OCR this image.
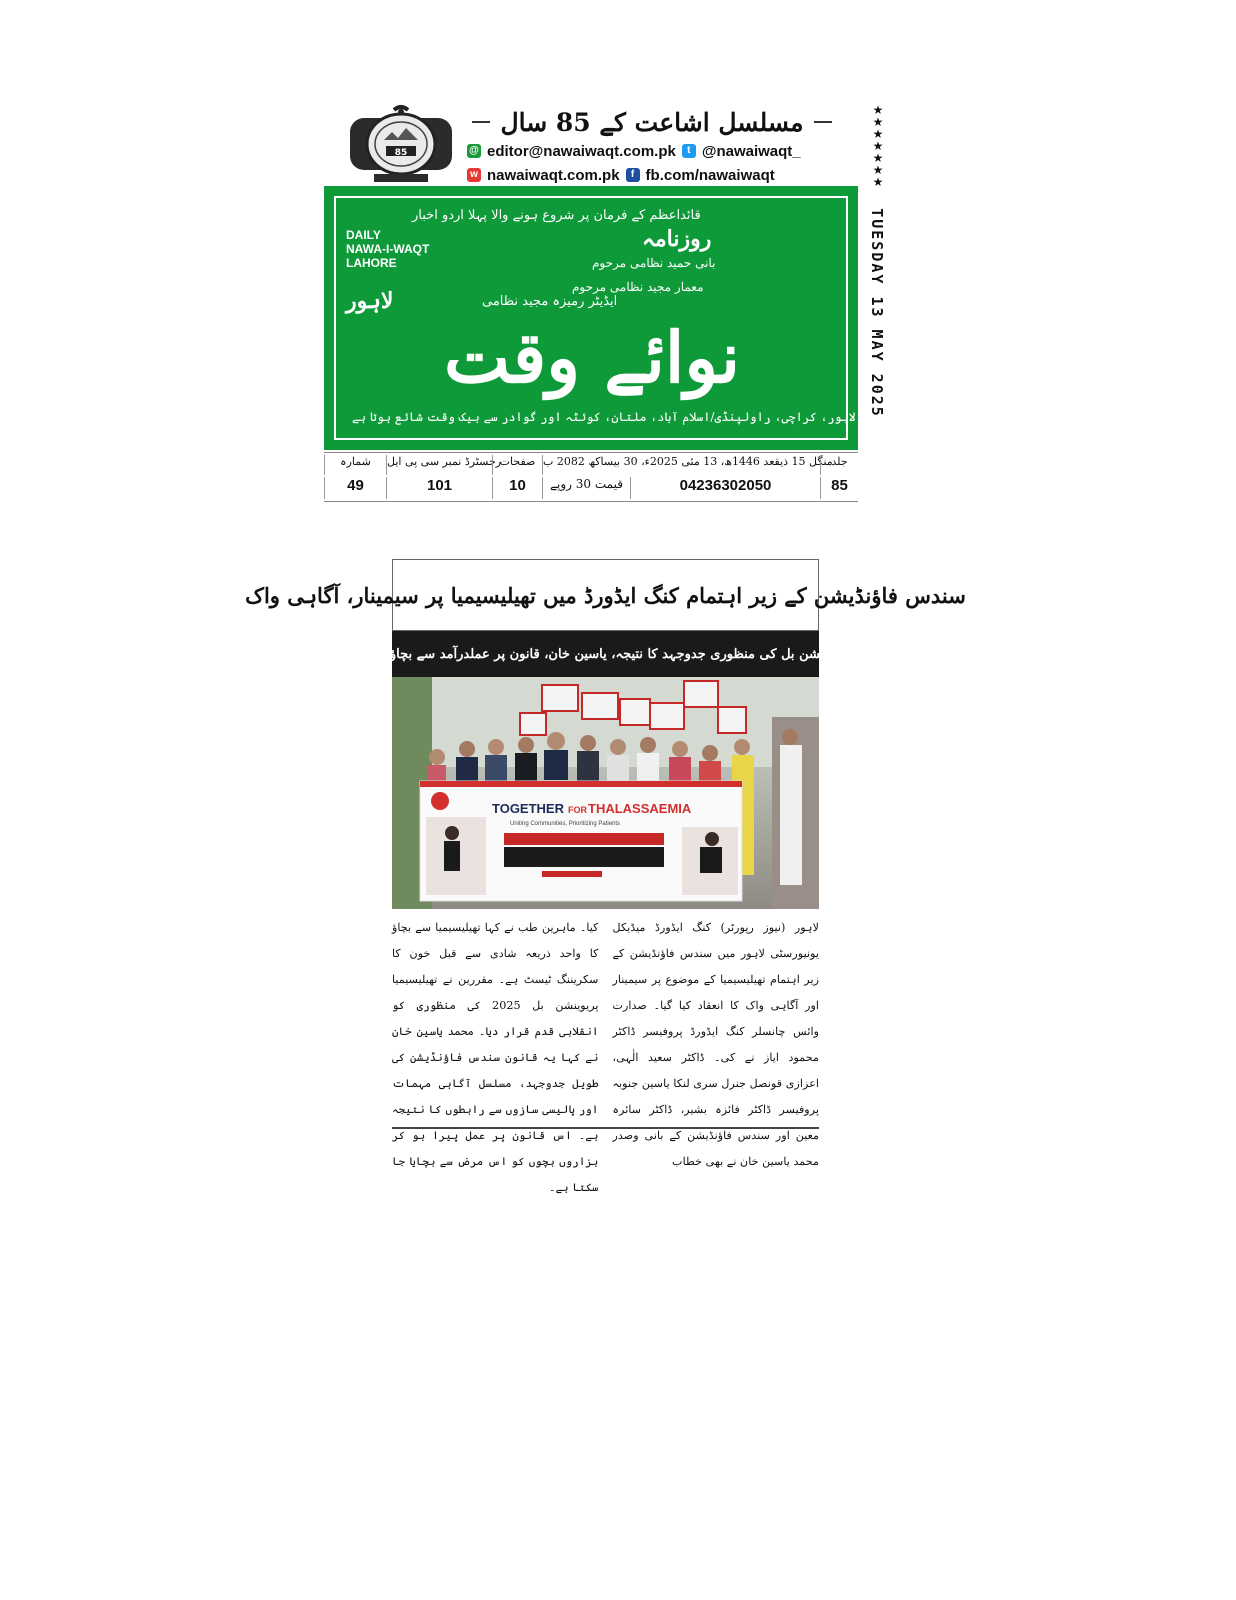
85
مسلسل اشاعت کے 85 سال
@ editor@nawaiwaqt.com.pk	t @nawaiwaqt_
w nawaiwaqt.com.pk	f fb.com/nawaiwaqt
★
★
★
★
★
★
★
TUESDAY 13 MAY 2025
DAILY
NAWA-I-WAQT
LAHORE
قائداعظم کے فرمان پر شروع ہونے والا پہلا اردو اخبار
روزنامہ
بانی حمید نظامی مرحوم
معمار مجید نظامی مرحوم
ایڈیٹر رمیزہ مجید نظامی
لاہور
نوائے وقت
لاہور، کراچی، راولپنڈی/اسلام آباد، ملتان، کوئٹہ اور گوادر سے بیک وقت شائع ہوتا ہے
جلد
منگل 15 ذیقعد 1446ھ، 13 مئی 2025ء، 30 بیساکھ 2082 ب
صفحات
رجسٹرڈ نمبر سی پی ایل
شمارہ
85
04236302050
قیمت 30 روپے
10
101
49
سندس فاؤنڈیشن کے زیر اہتمام کنگ ایڈورڈ میں تھیلیسیمیا پر سیمینار، آگاہی واک
تھیلیسیمیا پریوینشن بل کی منظوری جدوجہد کا نتیجہ، یاسین خان، قانون پر عملدرآمد سے بچاؤ ممکن، مقررین
TOGETHER FOR THALASSAEMIA
Uniting Communities, Prioritizing Patients
لاہور (نیوز رپورٹر) کنگ ایڈورڈ میڈیکل یونیورسٹی لاہور میں سندس فاؤنڈیشن کے زیر اہتمام تھیلیسیمیا کے موضوع پر سیمینار اور آگاہی واک کا انعقاد کیا گیا۔ صدارت وائس چانسلر کنگ ایڈورڈ پروفیسر ڈاکٹر محمود ایاز نے کی۔ ڈاکٹر سعید الٰہی، اعزازی قونصل جنرل سری لنکا یاسین جنوبہ پروفیسر ڈاکٹر فائزہ بشیر، ڈاکٹر سائرہ معین اور سندس فاؤنڈیشن کے بانی وصدر محمد یاسین خان نے بھی خطاب
کیا۔ ماہرین طب نے کہا تھیلیسیمیا سے بچاؤ کا واحد ذریعہ شادی سے قبل خون کا سکریننگ ٹیسٹ ہے۔ مقررین نے تھیلیسیمیا پریوینشن بل 2025 کی منظوری کو انقلابی قدم قرار دیا۔ محمد یاسین خان نے کہا یہ قانون سندس فاؤنڈیشن کی طویل جدوجہد، مسلسل آگاہی مہمات اور پالیسی سازوں سے رابطوں کا نتیجہ ہے۔ اس قانون پر عمل پیرا ہو کر ہزاروں بچوں کو اس مرض سے بچایا جا سکتا ہے۔
